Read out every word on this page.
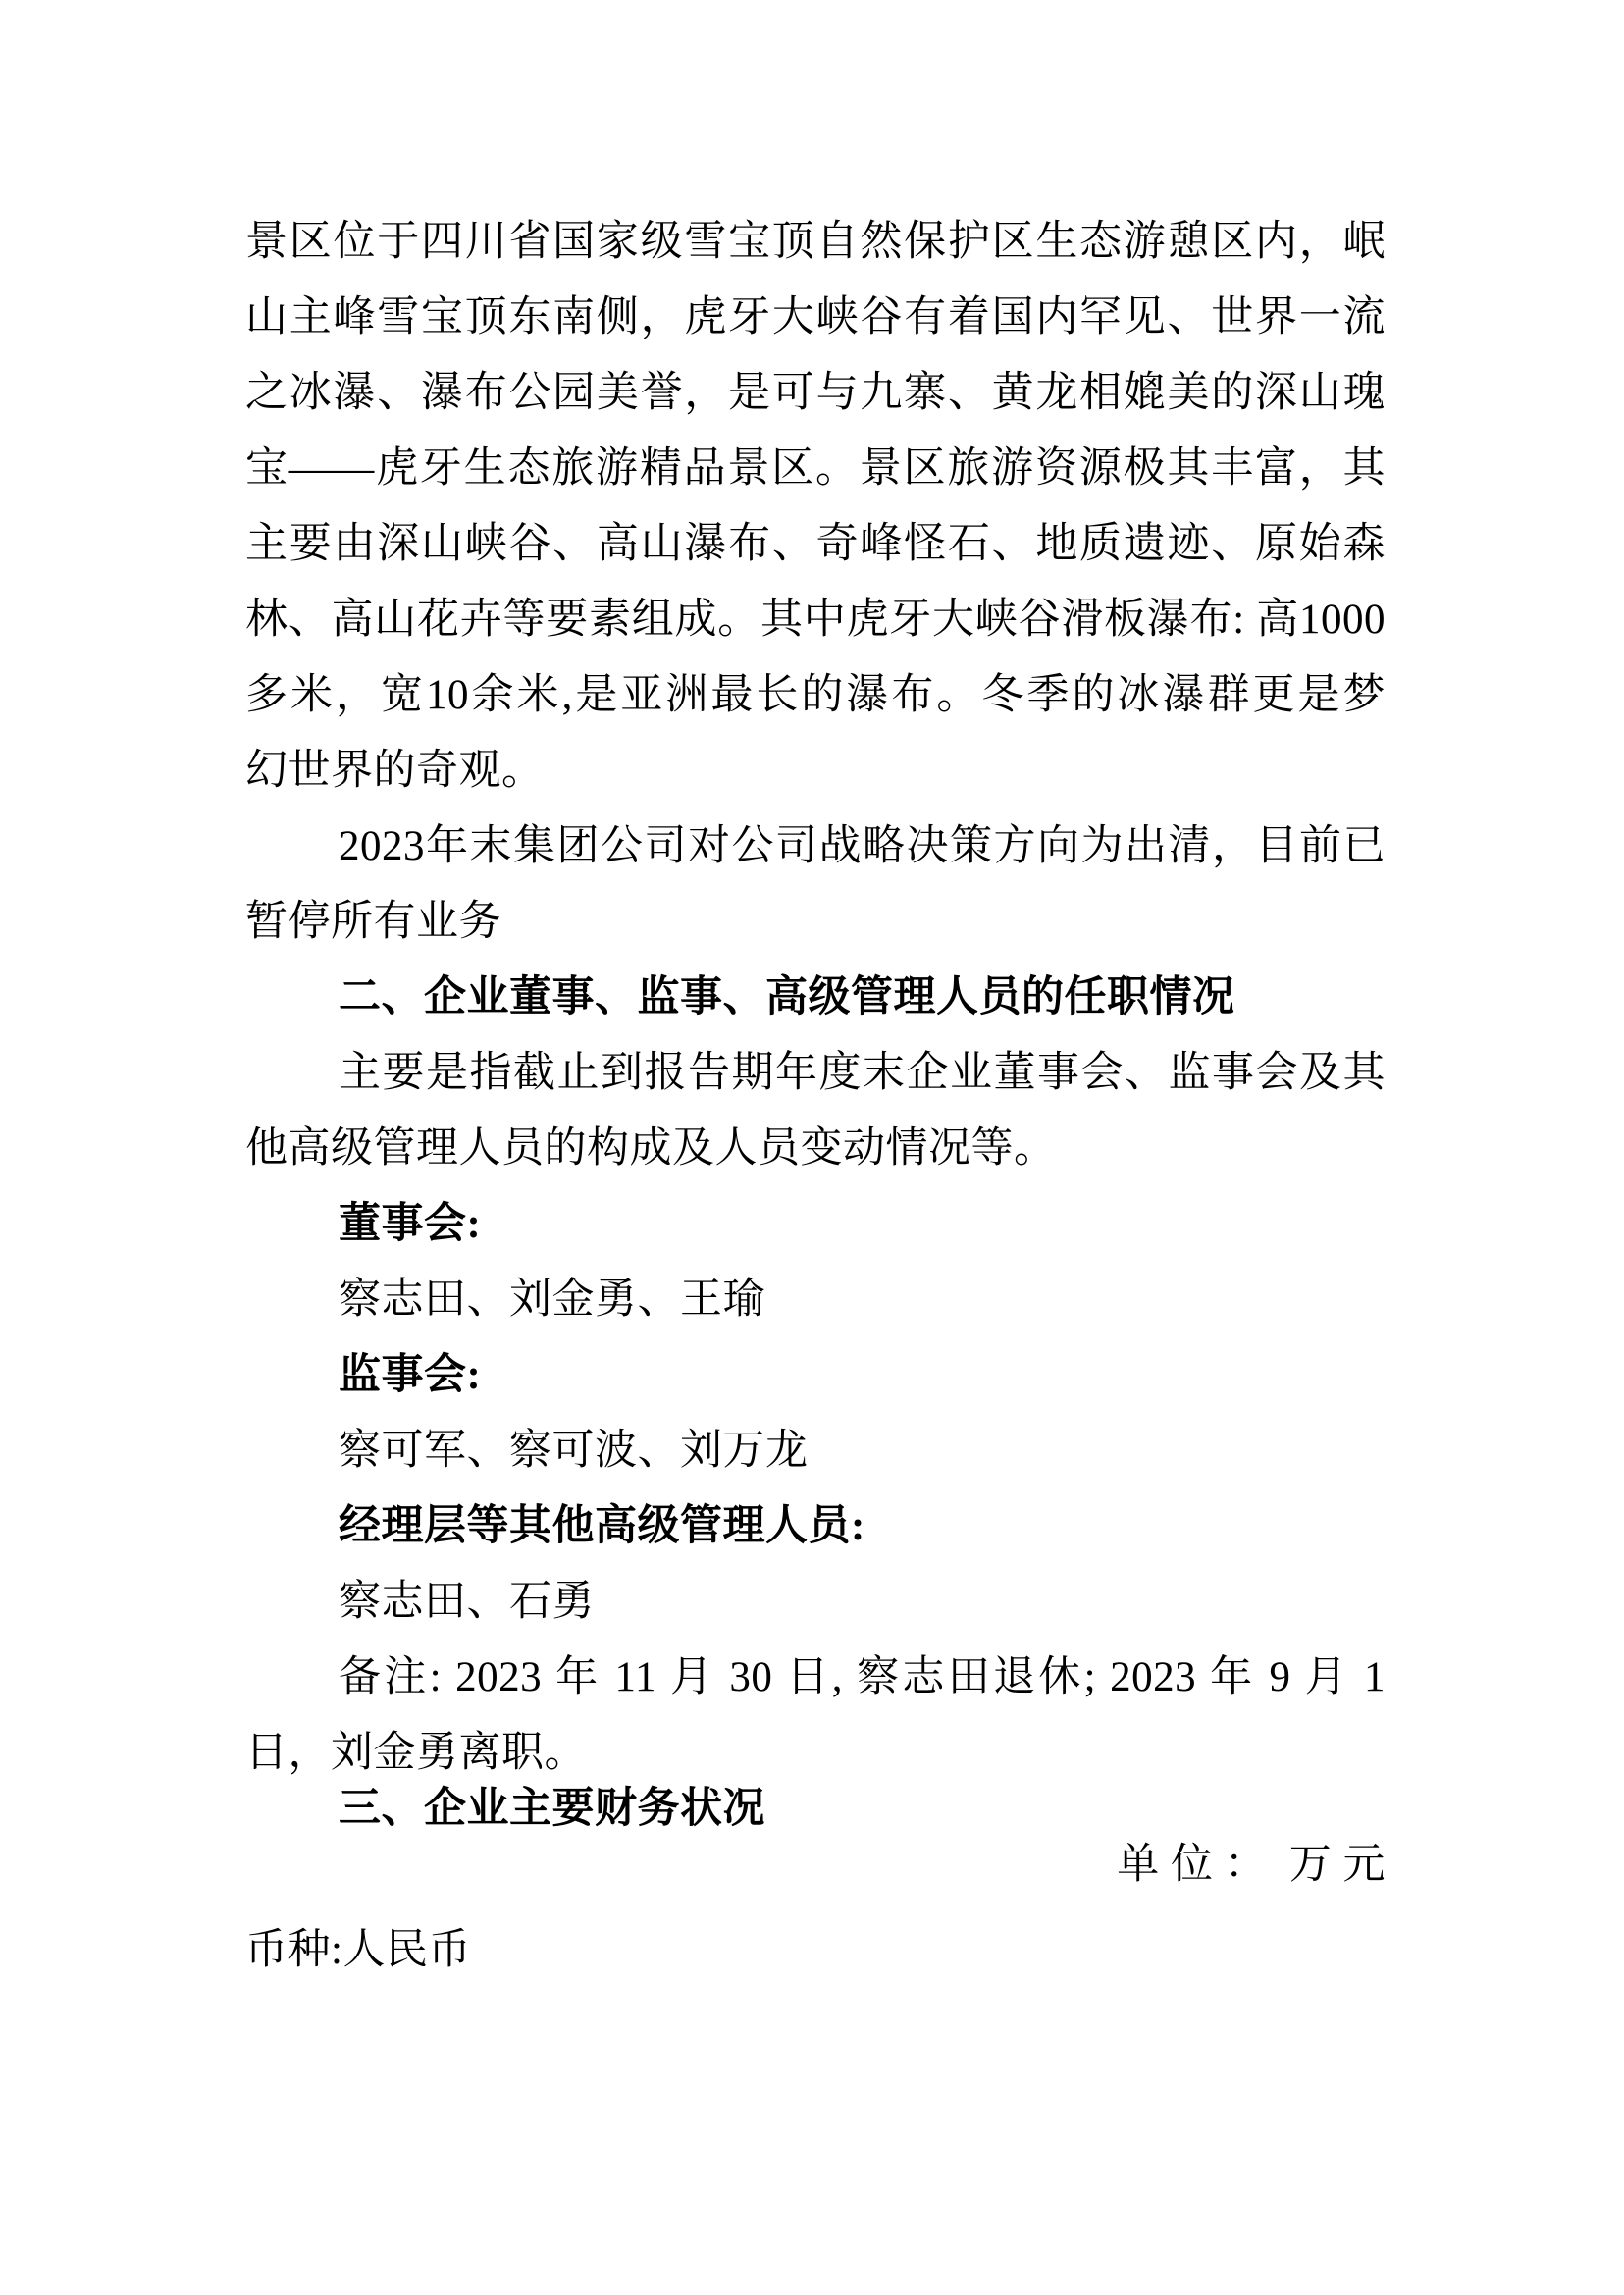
景区位于四川省国家级雪宝顶自然保护区生态游憩区内，岷
山主峰雪宝顶东南侧，虎牙大峡谷有着国内罕见、世界一流
之冰瀑、瀑布公园美誉，是可与九寨、黄龙相媲美的深山瑰
宝——虎牙生态旅游精品景区。景区旅游资源极其丰富，其
主要由深山峡谷、高山瀑布、奇峰怪石、地质遗迹、原始森
林、高山花卉等要素组成。其中虎牙大峡谷滑板瀑布: 高1000
多米，宽10余米,是亚洲最长的瀑布。冬季的冰瀑群更是梦
幻世界的奇观。
2023年末集团公司对公司战略决策方向为出清，目前已
暂停所有业务
二、企业董事、监事、高级管理人员的任职情况
主要是指截止到报告期年度末企业董事会、监事会及其
他高级管理人员的构成及人员变动情况等。
董事会:
察志田、刘金勇、王瑜
监事会:
察可军、察可波、刘万龙
经理层等其他高级管理人员:
察志田、石勇
备注: 2023 年 11 月 30 日, 察志田退休; 2023 年 9 月 1
日，刘金勇离职。
三、企业主要财务状况
单 位 ：  万 元
币种:人民币
